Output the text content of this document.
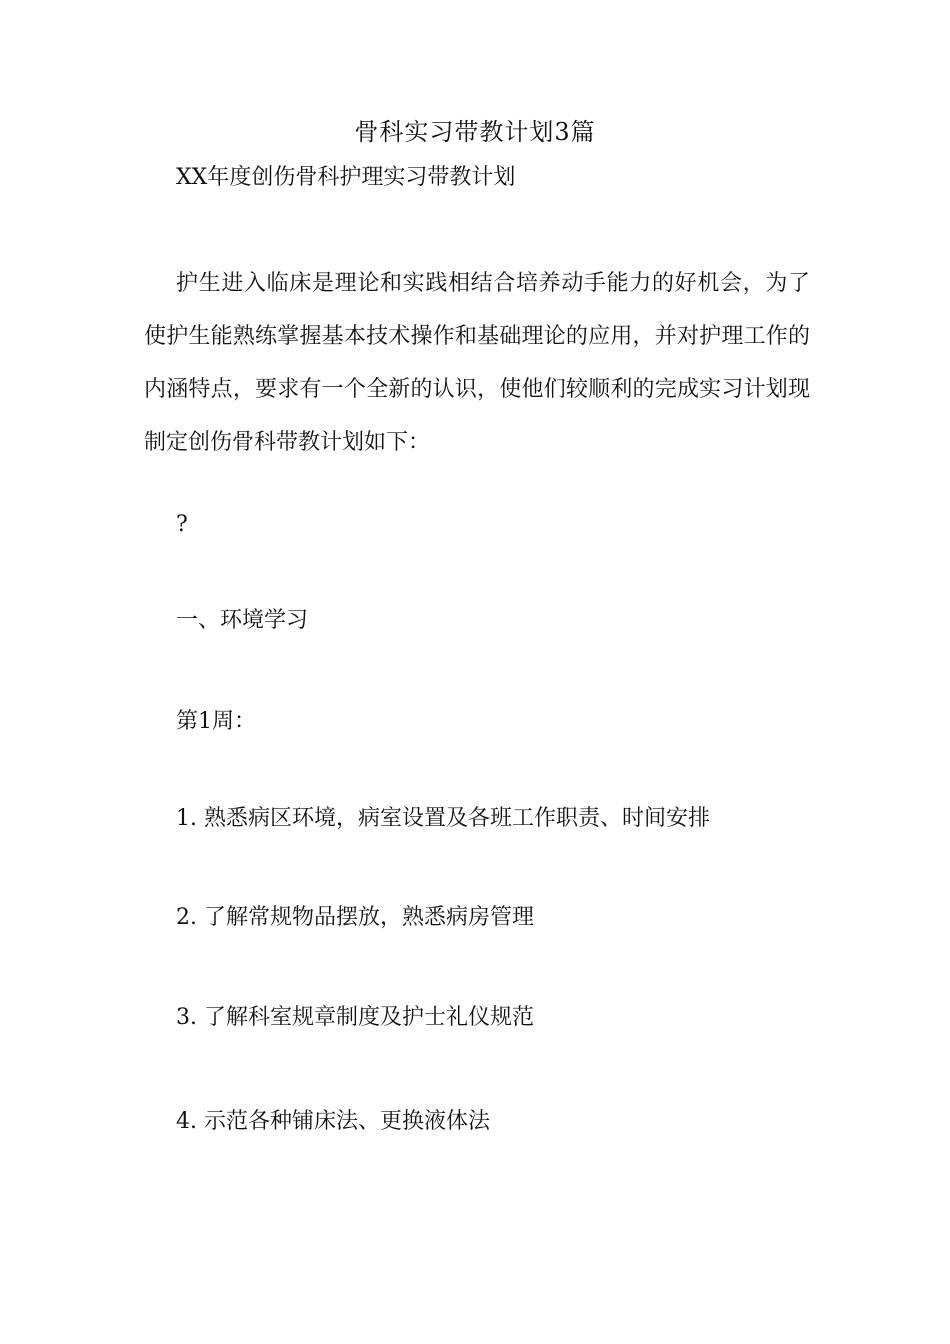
骨科实习带教计划3篇
XX年度创伤骨科护理实习带教计划

护生进入临床是理论和实践相结合培养动手能力的好机会，为了使护生能熟练掌握基本技术操作和基础理论的应用，并对护理工作的内涵特点，要求有一个全新的认识，使他们较顺利的完成实习计划现制定创伤骨科带教计划如下：

?
一、环境学习
第1周：
1. 熟悉病区环境，病室设置及各班工作职责、时间安排
2. 了解常规物品摆放，熟悉病房管理
3. 了解科室规章制度及护士礼仪规范
4. 示范各种铺床法、更换液体法
